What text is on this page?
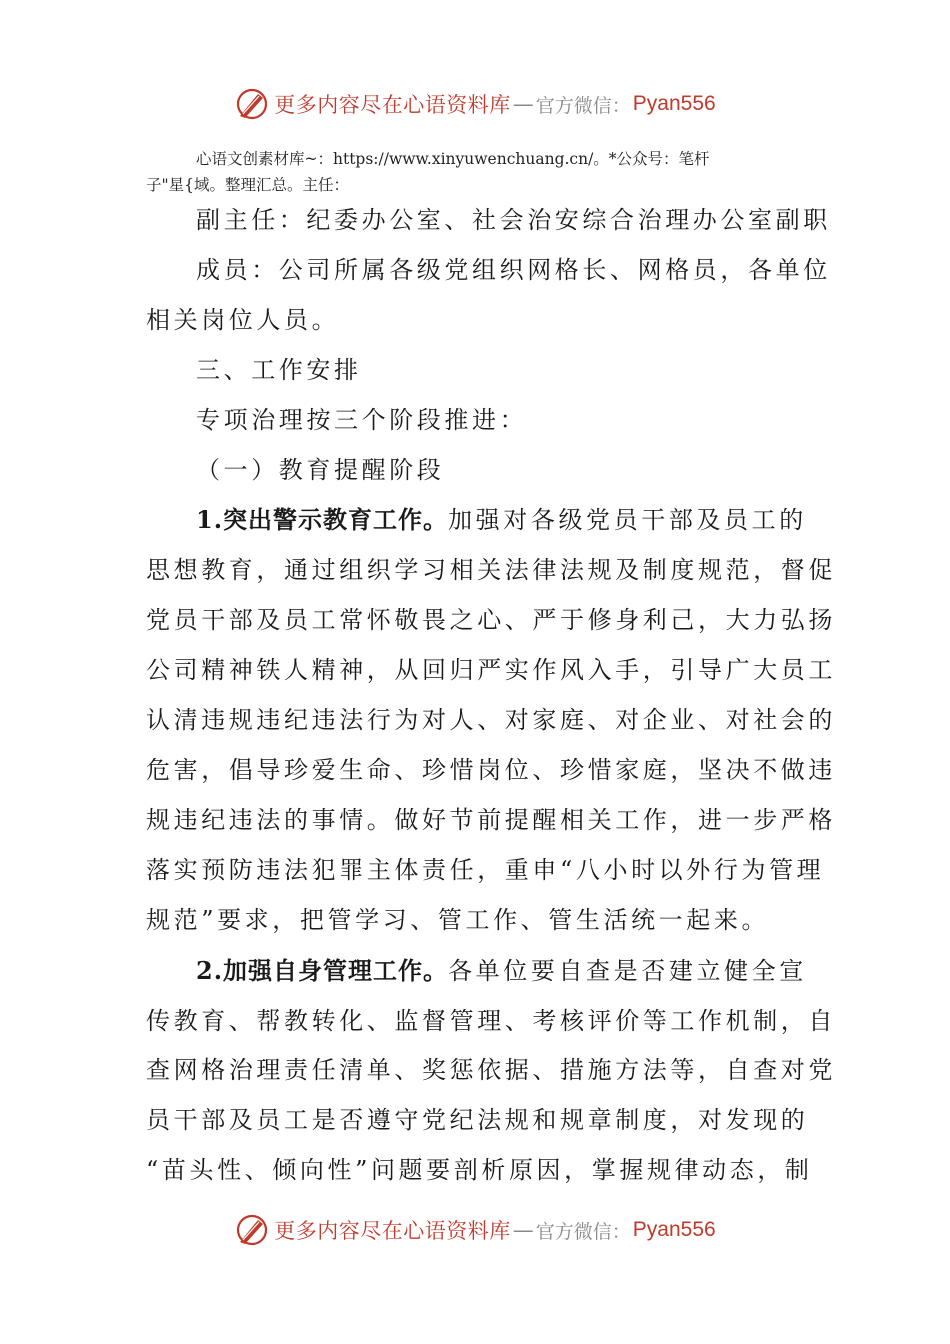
更多内容尽在心语资料库 — 官方微信： Pyan556
心语文创素材库~：https://www.xinyuwenchuang.cn/。*公众号：笔杆
子"星{域。整理汇总。主任：
副主任：纪委办公室、社会治安综合治理办公室副职
成员：公司所属各级党组织网格长、网格员，各单位
相关岗位人员。
三、工作安排
专项治理按三个阶段推进：
（一）教育提醒阶段
1.突出警示教育工作。加强对各级党员干部及员工的
思想教育，通过组织学习相关法律法规及制度规范，督促
党员干部及员工常怀敬畏之心、严于修身利己，大力弘扬
公司精神铁人精神，从回归严实作风入手，引导广大员工
认清违规违纪违法行为对人、对家庭、对企业、对社会的
危害，倡导珍爱生命、珍惜岗位、珍惜家庭，坚决不做违
规违纪违法的事情。做好节前提醒相关工作，进一步严格
落实预防违法犯罪主体责任，重申“八小时以外行为管理
规范”要求，把管学习、管工作、管生活统一起来。
2.加强自身管理工作。各单位要自查是否建立健全宣
传教育、帮教转化、监督管理、考核评价等工作机制，自
查网格治理责任清单、奖惩依据、措施方法等，自查对党
员干部及员工是否遵守党纪法规和规章制度，对发现的
“苗头性、倾向性”问题要剖析原因，掌握规律动态，制
更多内容尽在心语资料库 — 官方微信： Pyan556
